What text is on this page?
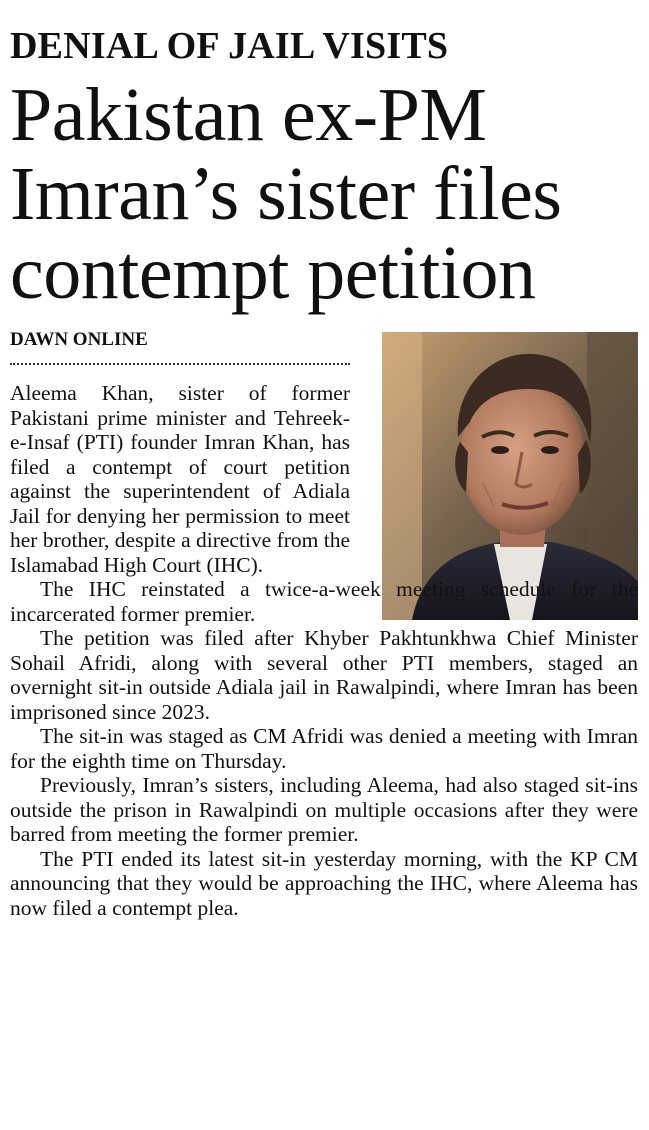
DENIAL OF JAIL VISITS
Pakistan ex-PM
Imran’s sister files
contempt petition
DAWN ONLINE

Aleema Khan, sister of former Pakistani prime minister and Tehreek-e-Insaf (PTI) founder Imran Khan, has filed a contempt of court petition against the superintendent of Adiala Jail for denying her permission to meet her brother, despite a directive from the Islamabad High Court (IHC).

The IHC reinstated a twice-a-week meeting schedule for the incarcerated former premier.

The petition was filed after Khyber Pakhtunkhwa Chief Minister Sohail Afridi, along with several other PTI members, staged an overnight sit-in outside Adiala jail in Rawalpindi, where Imran has been imprisoned since 2023.

The sit-in was staged as CM Afridi was denied a meeting with Imran for the eighth time on Thursday.

Previously, Imran’s sisters, including Aleema, had also staged sit-ins outside the prison in Rawalpindi on multiple occasions after they were barred from meeting the former premier.

The PTI ended its latest sit-in yesterday morning, with the KP CM announcing that they would be approaching the IHC, where Aleema has now filed a contempt plea.
